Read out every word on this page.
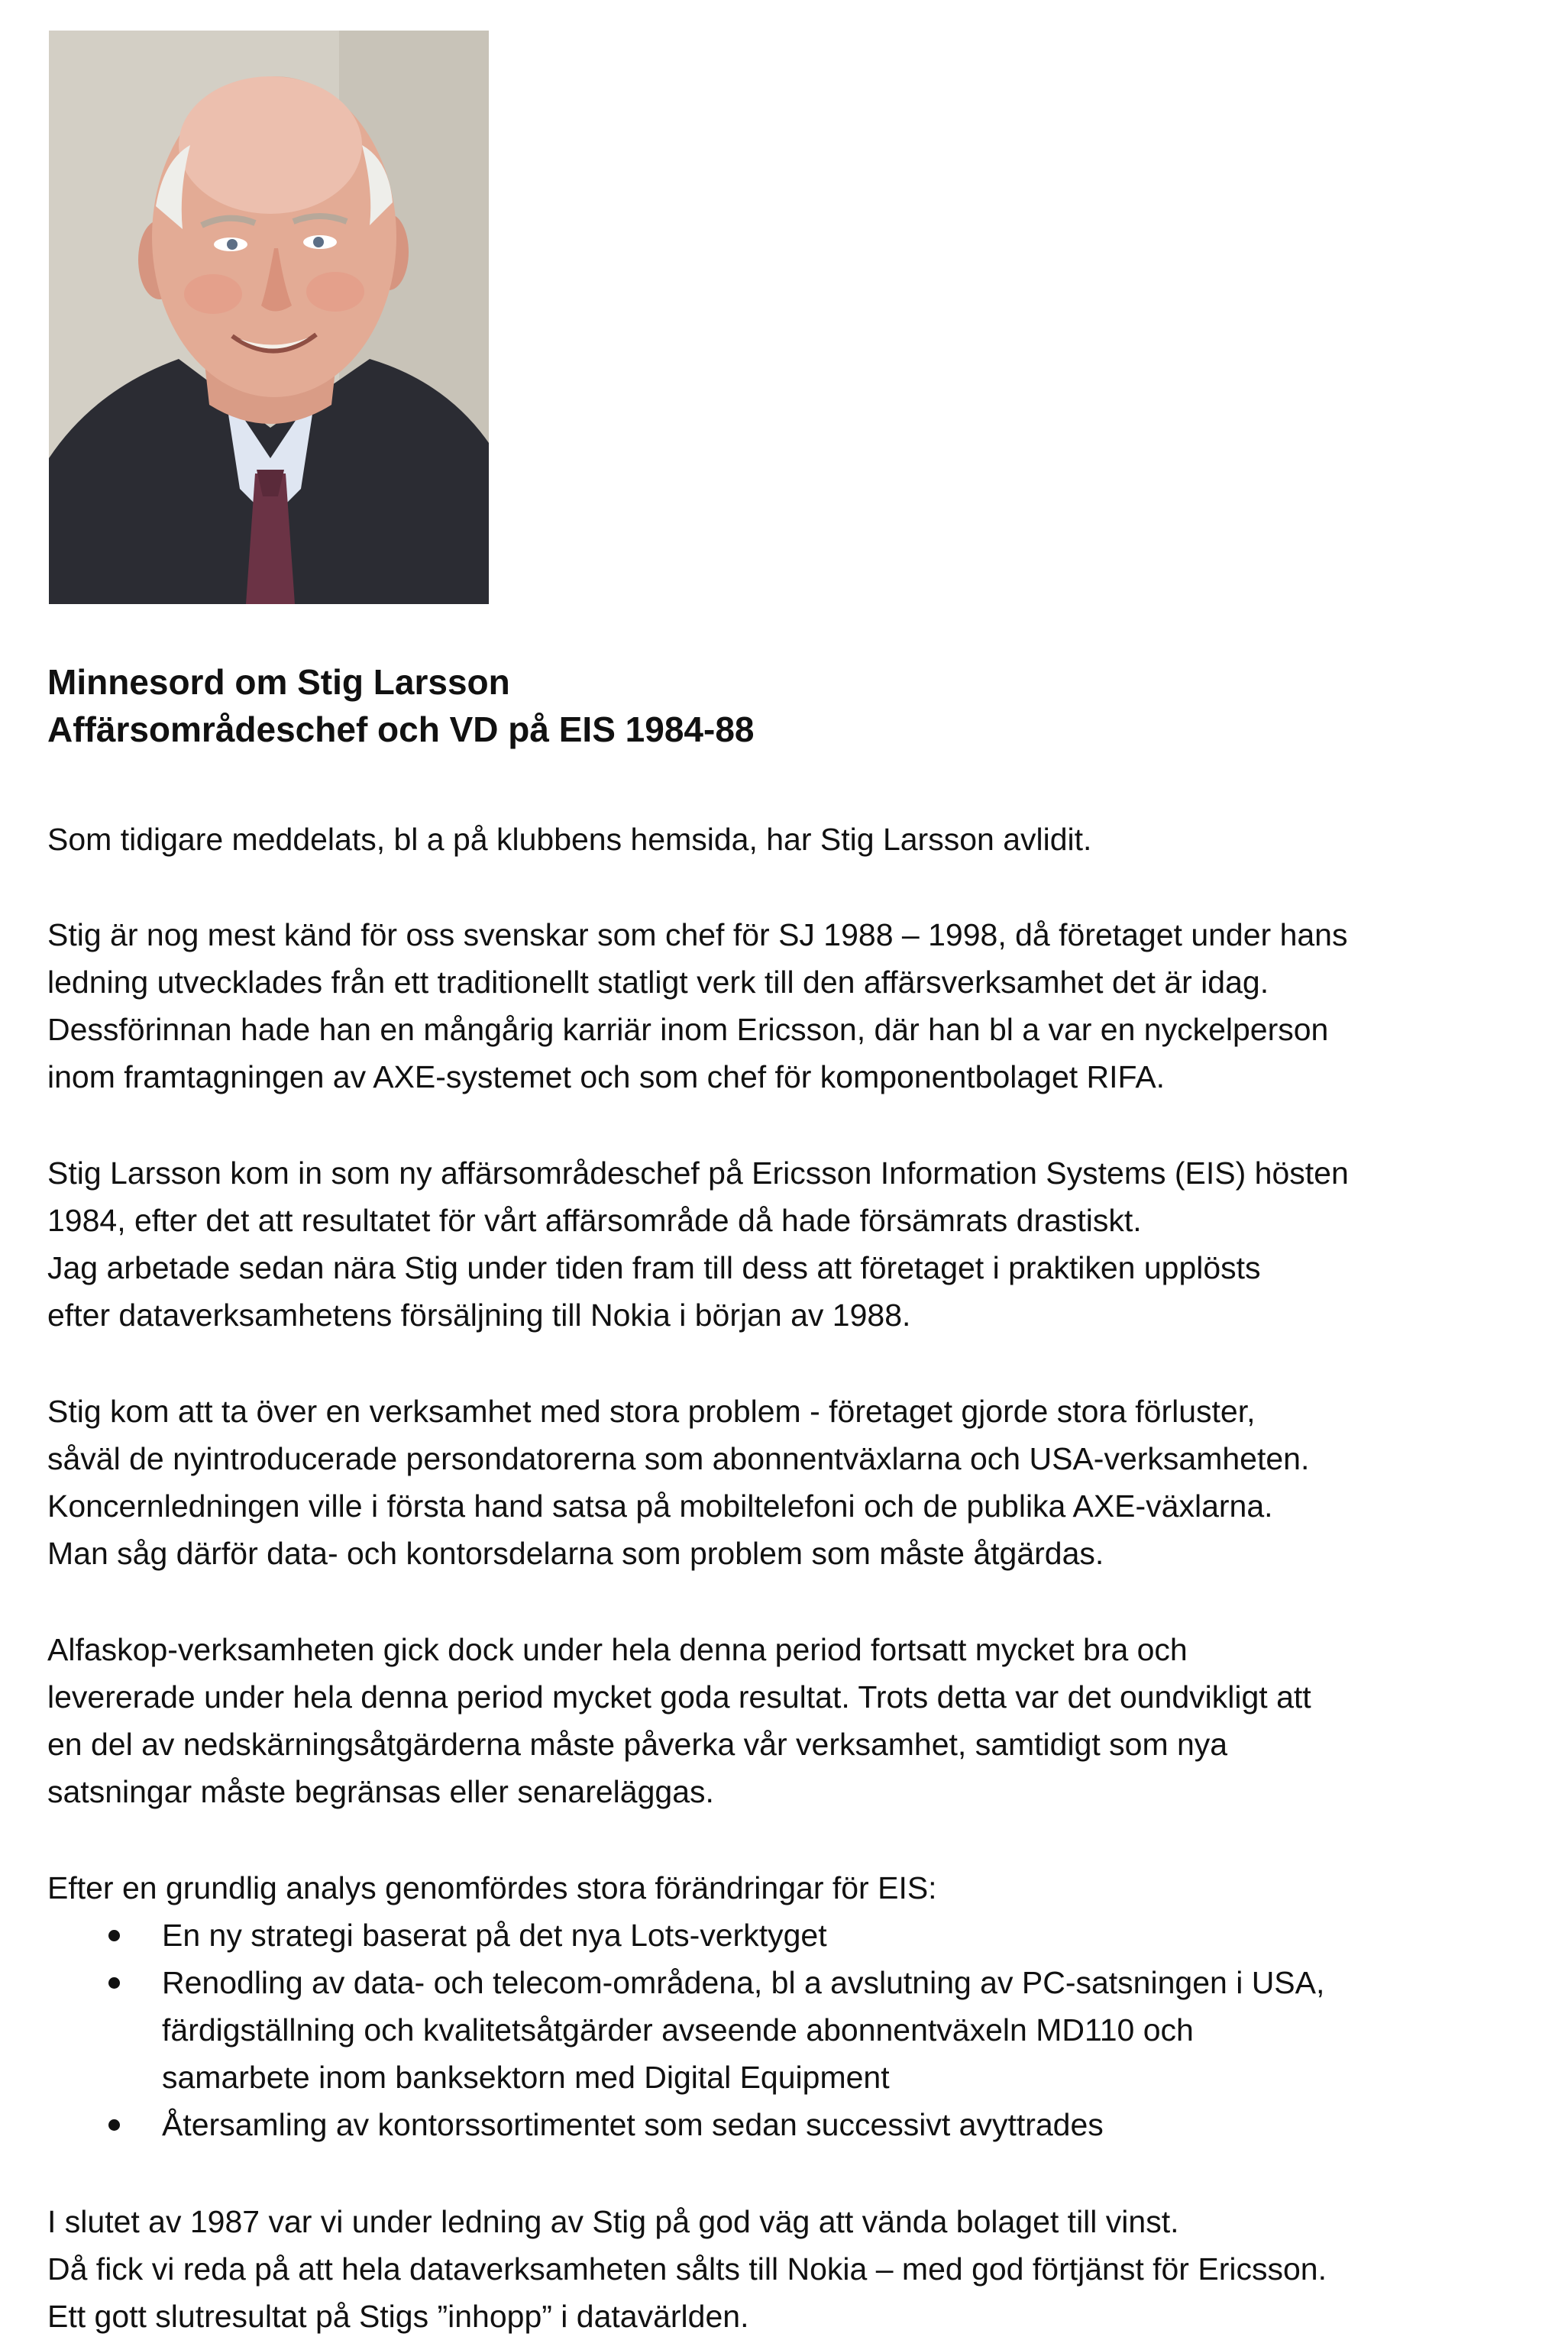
Minnesord om Stig Larsson
Affärsområdeschef och VD på EIS 1984-88
Som tidigare meddelats, bl a på klubbens hemsida, har Stig Larsson avlidit.
Stig är nog mest känd för oss svenskar som chef för SJ 1988 – 1998, då företaget under hans
ledning utvecklades från ett traditionellt statligt verk till den affärsverksamhet det är idag.
Dessförinnan hade han en mångårig karriär inom Ericsson, där han bl a var en nyckelperson
inom framtagningen av AXE-systemet och som chef för komponentbolaget RIFA.
Stig Larsson kom in som ny affärsområdeschef på Ericsson Information Systems (EIS) hösten
1984, efter det att resultatet för vårt affärsområde då hade försämrats drastiskt.
Jag arbetade sedan nära Stig under tiden fram till dess att företaget i praktiken upplösts
efter dataverksamhetens försäljning till Nokia i början av 1988.
Stig kom att ta över en verksamhet med stora problem - företaget gjorde stora förluster,
såväl de nyintroducerade persondatorerna som abonnentväxlarna och USA-verksamheten.
Koncernledningen ville i första hand satsa på mobiltelefoni och de publika AXE-växlarna.
Man såg därför data- och kontorsdelarna som problem som måste åtgärdas.
Alfaskop-verksamheten gick dock under hela denna period fortsatt mycket bra och
levererade under hela denna period mycket goda resultat. Trots detta var det oundvikligt att
en del av nedskärningsåtgärderna måste påverka vår verksamhet, samtidigt som nya
satsningar måste begränsas eller senareläggas.
Efter en grundlig analys genomfördes stora förändringar för EIS:
En ny strategi baserat på det nya Lots-verktyget
Renodling av data- och telecom-områdena, bl a avslutning av PC-satsningen i USA,
färdigställning och kvalitetsåtgärder avseende abonnentväxeln MD110 och
samarbete inom banksektorn med Digital Equipment
Återsamling av kontorssortimentet som sedan successivt avyttrades
I slutet av 1987 var vi under ledning av Stig på god väg att vända bolaget till vinst.
Då fick vi reda på att hela dataverksamheten sålts till Nokia – med god förtjänst för Ericsson.
Ett gott slutresultat på Stigs ”inhopp” i datavärlden.
